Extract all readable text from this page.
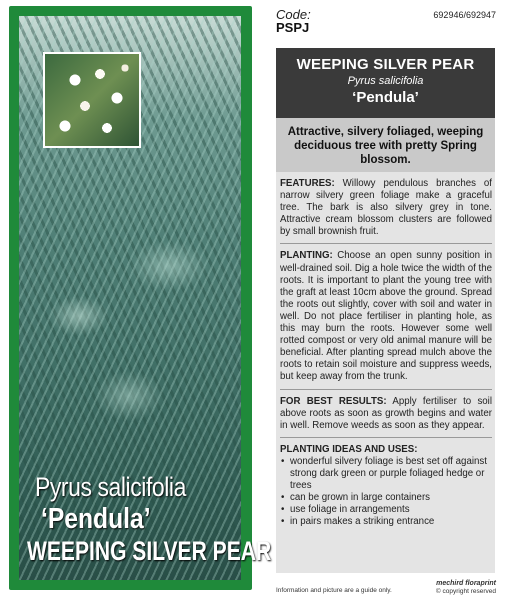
Pyrus salicifolia
‘Pendula’
WEEPING SILVER PEAR
Code:
PSPJ
692946/692947
WEEPING SILVER PEAR
Pyrus salicifolia
‘Pendula’
Attractive, silvery foliaged, weeping deciduous tree with pretty Spring blossom.
FEATURES: Willowy pendulous branches of narrow silvery green foliage make a graceful tree. The bark is also silvery grey in tone. Attractive cream blossom clusters are followed by small brownish fruit.
PLANTING: Choose an open sunny position in well-drained soil. Dig a hole twice the width of the roots. It is important to plant the young tree with the graft at least 10cm above the ground. Spread the roots out slightly, cover with soil and water in well. Do not place fertiliser in planting hole, as this may burn the roots. However some well rotted compost or very old animal manure will be beneficial. After planting spread mulch above the roots to retain soil moisture and suppress weeds, but keep away from the trunk.
FOR BEST RESULTS: Apply fertiliser to soil above roots as soon as growth begins and water in well. Remove weeds as soon as they appear.
PLANTING IDEAS AND USES:
• wonderful silvery foliage is best set off against strong dark green or purple foliaged hedge or trees
• can be grown in large containers
• use foliage in arrangements
• in pairs makes a striking entrance
Information and picture are a guide only.
mechird floraprint
© copyright reserved
